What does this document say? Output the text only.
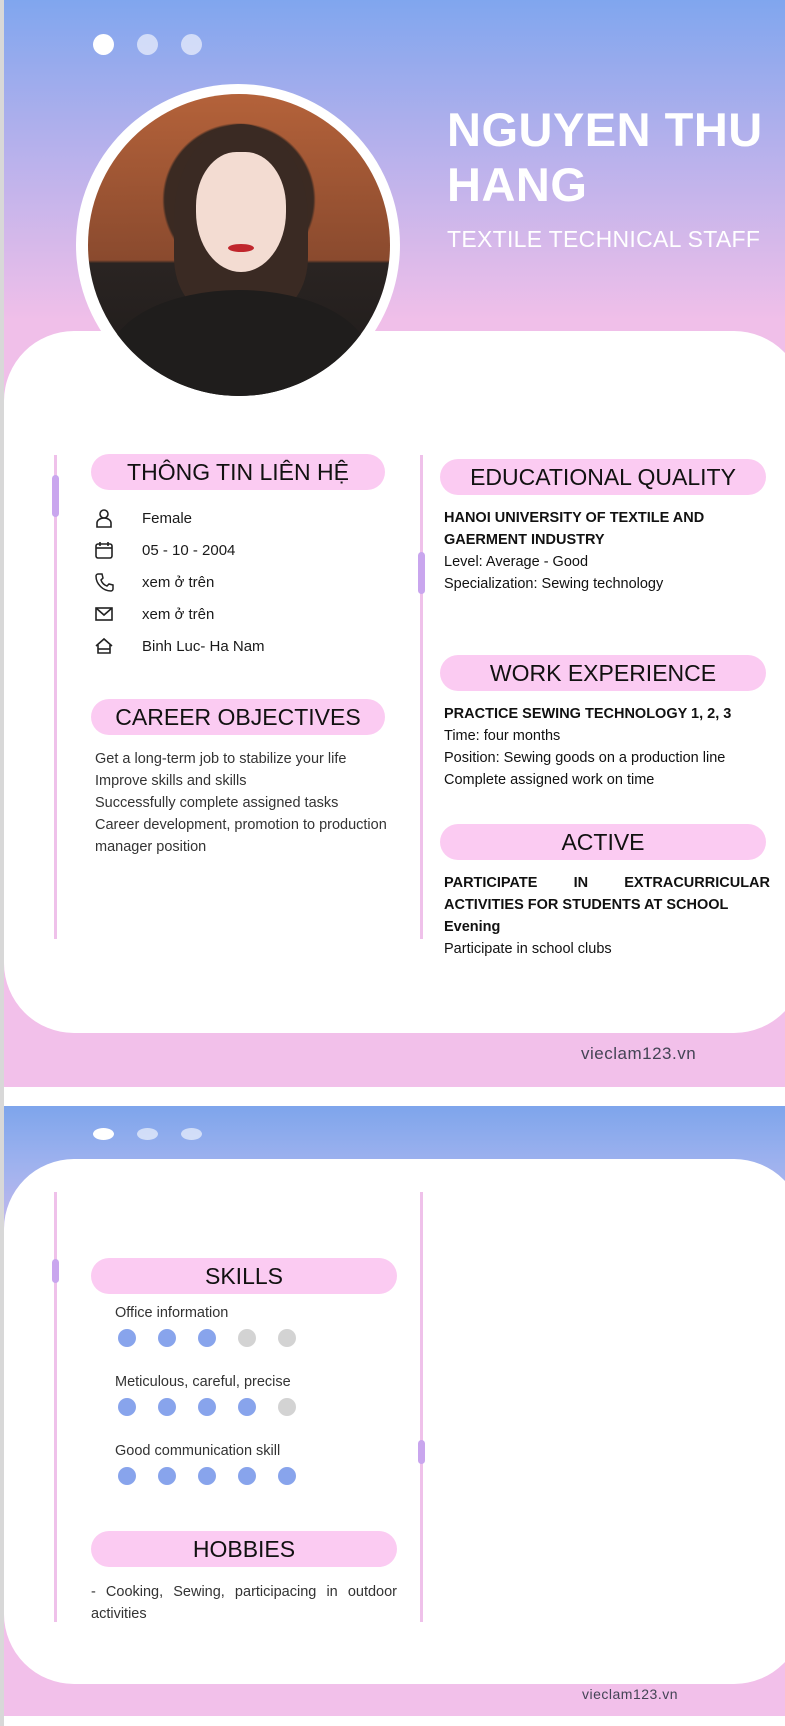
NGUYEN THU HANG
TEXTILE TECHNICAL STAFF
THÔNG TIN LIÊN HỆ
Female
05 - 10 - 2004
xem ở trên
xem ở trên
Binh Luc- Ha Nam
CAREER OBJECTIVES
Get a long-term job to stabilize your life
Improve skills and skills
Successfully complete assigned tasks
Career development, promotion to production manager position
EDUCATIONAL QUALITY
HANOI UNIVERSITY OF TEXTILE AND GAERMENT INDUSTRY
Level: Average - Good
Specialization: Sewing technology
WORK EXPERIENCE
PRACTICE SEWING TECHNOLOGY 1, 2, 3
Time: four months
Position: Sewing goods on a production line
Complete assigned work on time
ACTIVE
PARTICIPATE IN EXTRACURRICULAR ACTIVITIES FOR STUDENTS AT SCHOOL
Evening
Participate in school clubs
vieclam123.vn
SKILLS
Office information
Meticulous, careful, precise
Good communication skill
HOBBIES
vieclam123.vn
- Cooking, Sewing, participacing in outdoor activities
